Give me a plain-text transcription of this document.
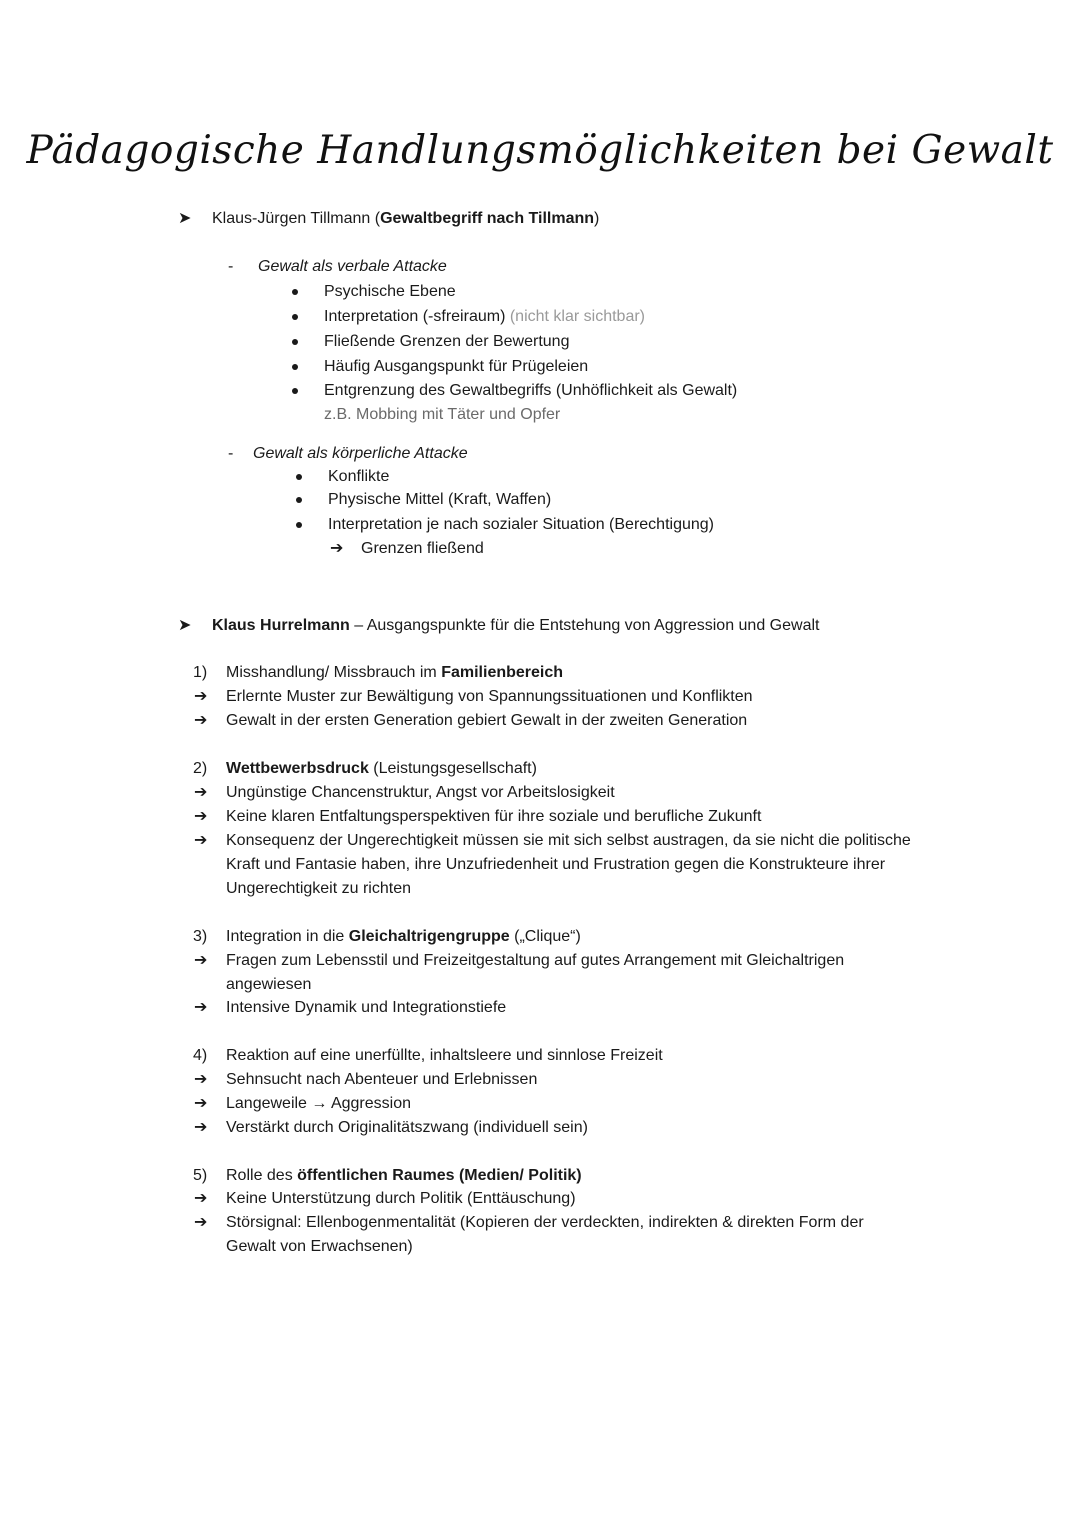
Pädagogische Handlungsmöglichkeiten bei Gewalt
➤ Klaus-Jürgen Tillmann (Gewaltbegriff nach Tillmann)
- Gewalt als verbale Attacke
Psychische Ebene
Interpretation (-sfreiraum) (nicht klar sichtbar)
Fließende Grenzen der Bewertung
Häufig Ausgangspunkt für Prügeleien
Entgrenzung des Gewaltbegriffs (Unhöflichkeit als Gewalt)
z.B. Mobbing mit Täter und Opfer
- Gewalt als körperliche Attacke
Konflikte
Physische Mittel (Kraft, Waffen)
Interpretation je nach sozialer Situation (Berechtigung)
➔ Grenzen fließend
➤ Klaus Hurrelmann – Ausgangspunkte für die Entstehung von Aggression und Gewalt
1) Misshandlung/ Missbrauch im Familienbereich
➔ Erlernte Muster zur Bewältigung von Spannungssituationen und Konflikten
➔ Gewalt in der ersten Generation gebiert Gewalt in der zweiten Generation
2) Wettbewerbsdruck (Leistungsgesellschaft)
➔ Ungünstige Chancenstruktur, Angst vor Arbeitslosigkeit
➔ Keine klaren Entfaltungsperspektiven für ihre soziale und berufliche Zukunft
➔ Konsequenz der Ungerechtigkeit müssen sie mit sich selbst austragen, da sie nicht die politische
Kraft und Fantasie haben, ihre Unzufriedenheit und Frustration gegen die Konstrukteure ihrer
Ungerechtigkeit zu richten
3) Integration in die Gleichaltrigengruppe („Clique“)
➔ Fragen zum Lebensstil und Freizeitgestaltung auf gutes Arrangement mit Gleichaltrigen
angewiesen
➔ Intensive Dynamik und Integrationstiefe
4) Reaktion auf eine unerfüllte, inhaltsleere und sinnlose Freizeit
➔ Sehnsucht nach Abenteuer und Erlebnissen
➔ Langeweile → Aggression
➔ Verstärkt durch Originalitätszwang (individuell sein)
5) Rolle des öffentlichen Raumes (Medien/ Politik)
➔ Keine Unterstützung durch Politik (Enttäuschung)
➔ Störsignal: Ellenbogenmentalität (Kopieren der verdeckten, indirekten & direkten Form der
Gewalt von Erwachsenen)
